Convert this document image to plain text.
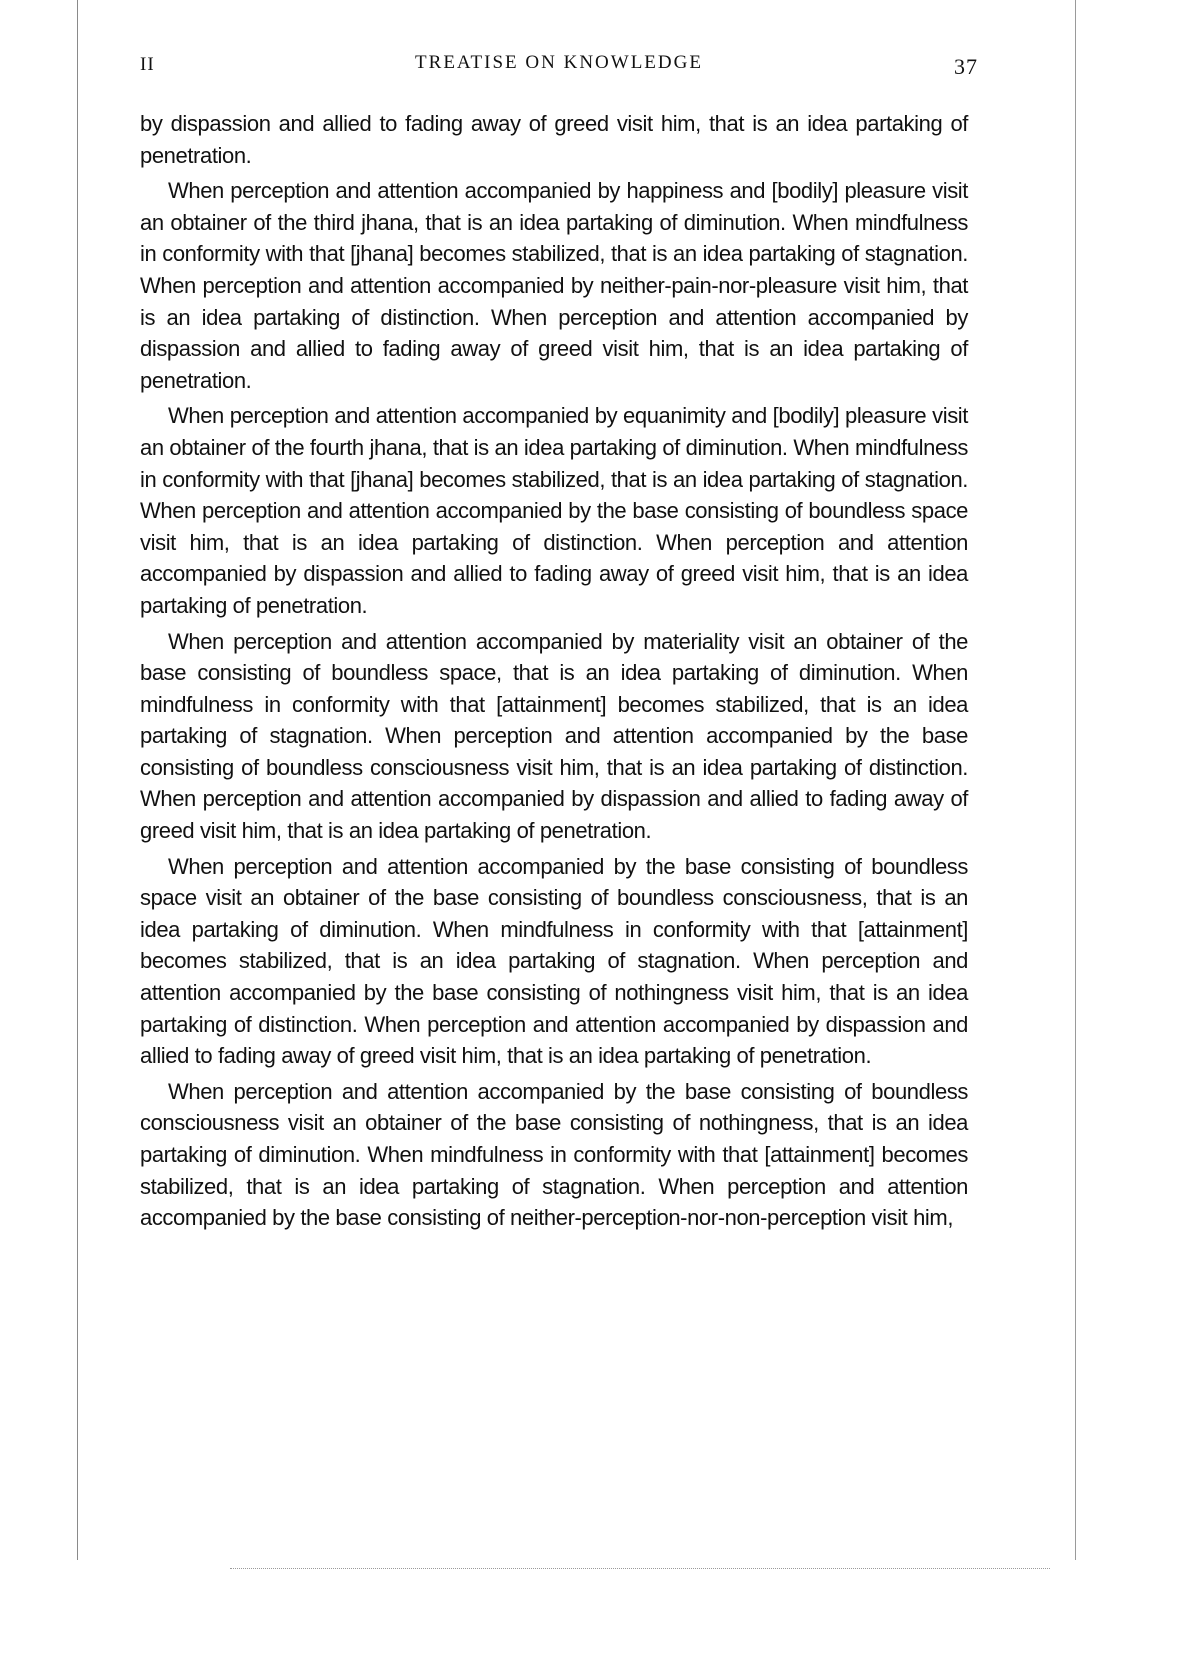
II	TREATISE ON KNOWLEDGE	37

by dispassion and allied to fading away of greed visit him, that is an idea partaking of penetration.

When perception and attention accompanied by happiness and [bodily] pleasure visit an obtainer of the third jhana, that is an idea partaking of diminution. When mindfulness in conformity with that [jhana] becomes stabilized, that is an idea partaking of stagnation. When perception and attention accompanied by neither-pain-nor-pleasure visit him, that is an idea partaking of distinction. When perception and attention accompanied by dispassion and allied to fading away of greed visit him, that is an idea partaking of penetration.

When perception and attention accompanied by equanimity and [bodily] pleasure visit an obtainer of the fourth jhana, that is an idea partaking of diminution. When mindfulness in conformity with that [jhana] becomes stabilized, that is an idea partaking of stagnation. When perception and attention accompanied by the base consisting of boundless space visit him, that is an idea partaking of distinction. When perception and attention accompanied by dispassion and allied to fading away of greed visit him, that is an idea partaking of penetration.

When perception and attention accompanied by materiality visit an obtainer of the base consisting of boundless space, that is an idea partaking of diminution. When mindfulness in conformity with that [attainment] becomes stabilized, that is an idea partaking of stagnation. When perception and attention accompanied by the base consisting of boundless consciousness visit him, that is an idea partaking of distinction. When perception and attention accompanied by dispassion and allied to fading away of greed visit him, that is an idea partaking of penetration.

When perception and attention accompanied by the base consisting of boundless space visit an obtainer of the base consisting of boundless consciousness, that is an idea partaking of diminution. When mindfulness in conformity with that [attainment] becomes stabilized, that is an idea partaking of stagnation. When perception and attention accompanied by the base consisting of nothingness visit him, that is an idea partaking of distinction. When perception and attention accompanied by dispassion and allied to fading away of greed visit him, that is an idea partaking of penetration.

When perception and attention accompanied by the base consisting of boundless consciousness visit an obtainer of the base consisting of nothingness, that is an idea partaking of diminution. When mindfulness in conformity with that [attainment] becomes stabilized, that is an idea partaking of stagnation. When perception and attention accompanied by the base consisting of neither-perception-nor-non-perception visit him,
